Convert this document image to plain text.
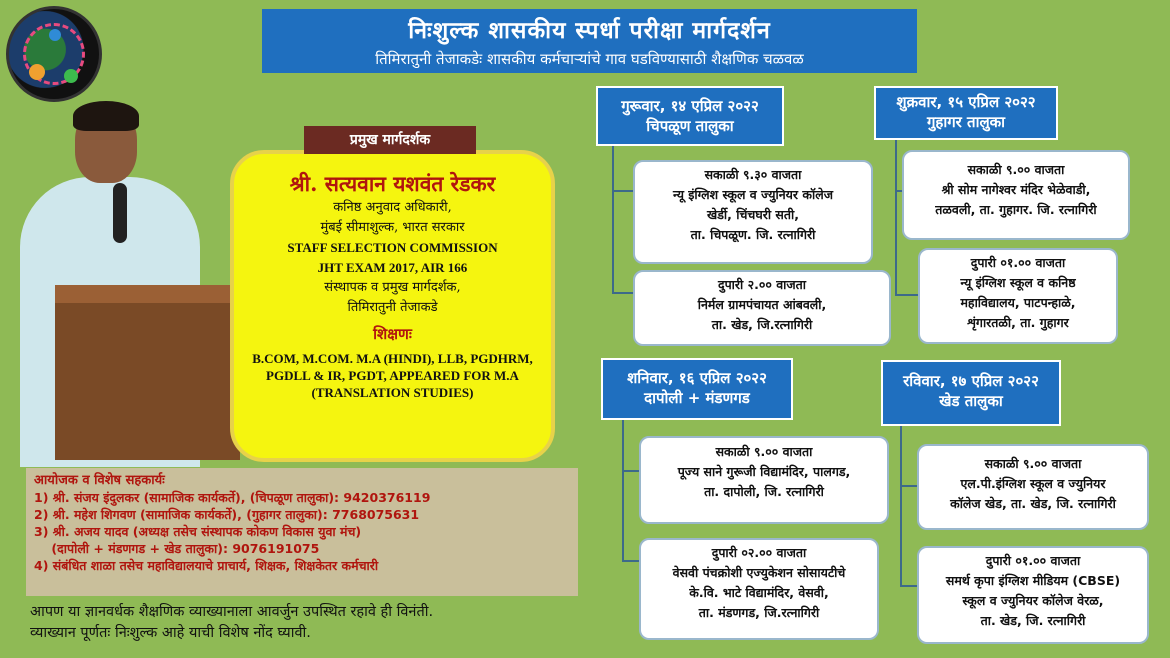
निःशुल्क शासकीय स्पर्धा परीक्षा मार्गदर्शन
तिमिरातुनी तेजाकडेः शासकीय कर्मचाऱ्यांचे गाव घडविण्यासाठी शैक्षणिक चळवळ
श्री. सत्यवान यशवंत रेडकर
कनिष्ठ अनुवाद अधिकारी,
मुंबई सीमाशुल्क, भारत सरकार
STAFF SELECTION COMMISSION
JHT EXAM 2017, AIR 166
संस्थापक व प्रमुख मार्गदर्शक,
तिमिरातुनी तेजाकडे
शिक्षणः
B.COM, M.COM. M.A (HINDI), LLB, PGDHRM, PGDLL & IR, PGDT, APPEARED FOR M.A (TRANSLATION STUDIES)
प्रमुख मार्गदर्शक
आयोजक व विशेष सहकार्यः
1) श्री. संजय इंदुलकर (सामाजिक कार्यकर्ते), (चिपळूण तालुका): 9420376119
2) श्री. महेश शिगवण (सामाजिक कार्यकर्ते), (गुहागर तालुका): 7768075631
3) श्री. अजय यादव (अध्यक्ष तसेच संस्थापक कोकण विकास युवा मंच)
(दापोली + मंडणगड + खेड तालुका): 9076191075
4) संबंधित शाळा तसेच महाविद्यालयाचे प्राचार्य, शिक्षक, शिक्षकेतर कर्मचारी
आपण या ज्ञानवर्धक शैक्षणिक व्याख्यानाला आवर्जुन उपस्थित रहावे ही विनंती.
व्याख्यान पूर्णतः निःशुल्क आहे याची विशेष नोंद घ्यावी.
गुरूवार, १४ एप्रिल २०२२
चिपळूण तालुका
सकाळी ९.३० वाजता
न्यू इंग्लिश स्कूल व ज्युनियर कॉलेज
खेर्डी, चिंचघरी सती,
ता. चिपळूण. जि. रत्नागिरी
दुपारी २.०० वाजता
निर्मल ग्रामपंचायत आंबवली,
ता. खेड, जि.रत्नागिरी
शुक्रवार, १५ एप्रिल २०२२
गुहागर तालुका
सकाळी ९.०० वाजता
श्री सोम नागेश्वर मंदिर भेळेवाडी,
तळवली, ता. गुहागर. जि. रत्नागिरी
दुपारी ०१.०० वाजता
न्यू इंग्लिश स्कूल व कनिष्ठ
महाविद्यालय, पाटपन्हाळे,
शृंगारतळी, ता. गुहागर
शनिवार, १६ एप्रिल २०२२
दापोली + मंडणगड
सकाळी ९.०० वाजता
पूज्य साने गुरूजी विद्यामंदिर, पालगड,
ता. दापोली, जि. रत्नागिरी
दुपारी ०२.०० वाजता
वेसवी पंचक्रोशी एज्युकेशन सोसायटीचे
के.वि. भाटे विद्यामंदिर, वेसवी,
ता. मंडणगड, जि.रत्नागिरी
रविवार, १७ एप्रिल २०२२
खेड तालुका
सकाळी ९.०० वाजता
एल.पी.इंग्लिश स्कूल व ज्युनियर
कॉलेज खेड, ता. खेड, जि. रत्नागिरी
दुपारी ०१.०० वाजता
समर्थ कृपा इंग्लिश मीडियम (CBSE)
स्कूल व ज्युनियर कॉलेज वेरळ,
ता. खेड, जि. रत्नागिरी
